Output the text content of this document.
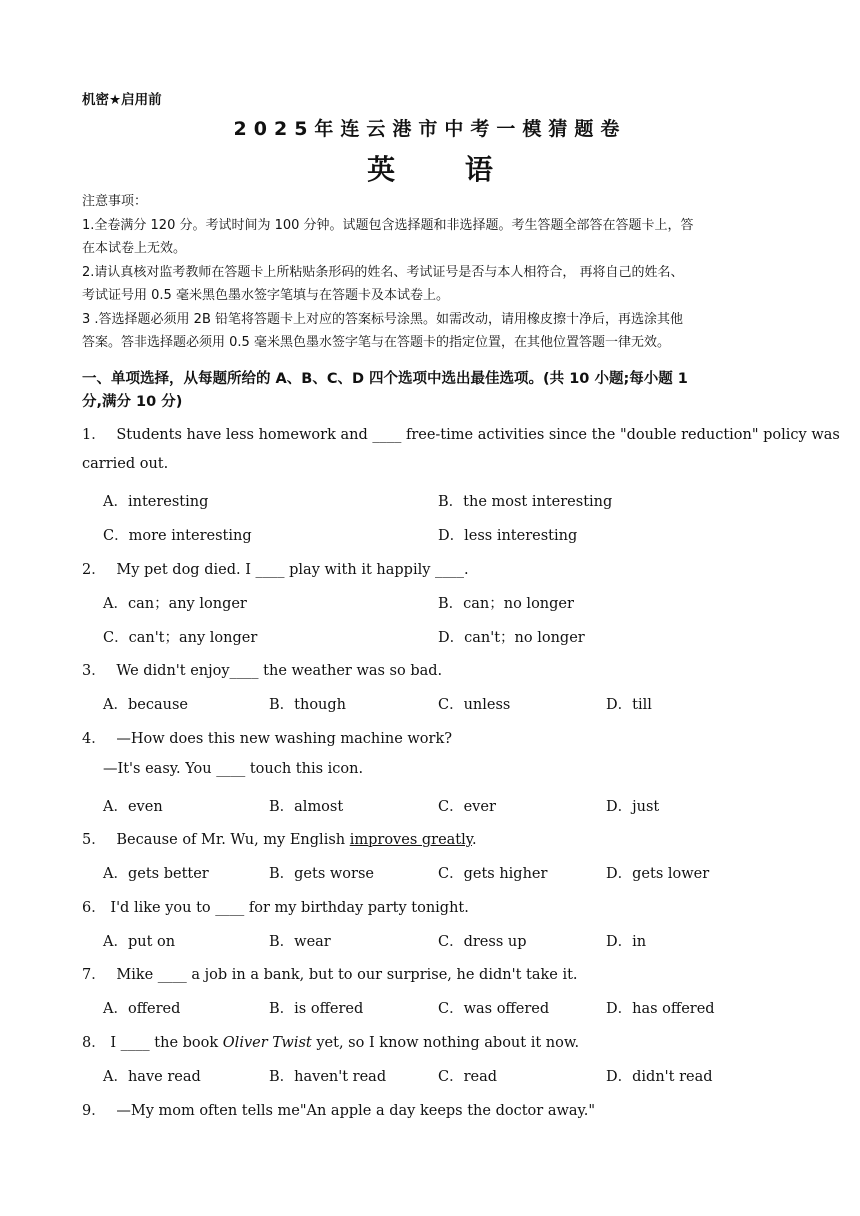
机密★启用前
2025年连云港市中考一模猜题卷
英 语
注意事项：
1.全卷满分 120 分。考试时间为 100 分钟。试题包含选择题和非选择题。考生答题全部答在答题卡上，答
在本试卷上无效。
2.请认真核对监考教师在答题卡上所粘贴条形码的姓名、考试证号是否与本人相符合， 再将自己的姓名、
考试证号用 0.5 毫米黑色墨水签字笔填与在答题卡及本试卷上。
3 .答选择题必须用 2B 铅笔将答题卡上对应的答案标号涂黑。如需改动，请用橡皮擦十净后，再选涂其他
答案。答非选择题必须用 0.5 毫米黑色墨水签字笔与在答题卡的指定位置，在其他位置答题一律无效。
一、单项选择，从每题所给的 A、B、C、D 四个选项中选出最佳选项。(共 10 小题;每小题 1
分,满分 10 分)
1． Students have less homework and ____ free-time activities since the "double reduction" policy was
carried out.
A．interesting	B．the most interesting
C．more interesting	D．less interesting
2． My pet dog died. I ____ play with it happily ____.
A．can；any longer	B．can；no longer
C．can't；any longer	D．can't；no longer
3． We didn't enjoy____ the weather was so bad.
A．because	B．though	C．unless	D．till
4． —How does this new washing machine work?
—It's easy. You ____ touch this icon.
A．even	B．almost	C．ever	D．just
5． Because of Mr. Wu, my English improves greatly.
A．gets better	B．gets worse	C．gets higher	D．gets lower
6． I'd like you to ____ for my birthday party tonight.
A．put on	B．wear	C．dress up	D．in
7． Mike ____ a job in a bank, but to our surprise, he didn't take it.
A．offered	B．is offered	C．was offered	D．has offered
8． I ____ the book Oliver Twist yet, so I know nothing about it now.
A．have read	B．haven't read	C．read	D．didn't read
9． —My mom often tells me"An apple a day keeps the doctor away."
